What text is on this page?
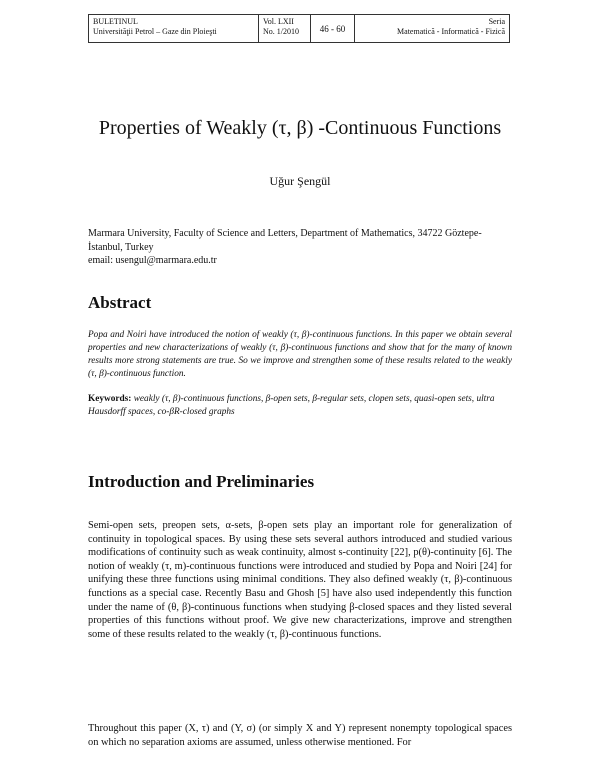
BULETINUL
Universităţii Petrol – Gaze din Ploieşti
Vol. LXII
No. 1/2010	46 - 60
Seria
Matematică - Informatică - Fizică
Properties of Weakly (τ, β) -Continuous Functions
Uğur Şengül
Marmara University, Faculty of Science and Letters, Department of Mathematics, 34722 Göztepe-
İstanbul, Turkey
email: usengul@marmara.edu.tr
Abstract
Popa and Noiri have introduced the notion of weakly (τ, β)-continuous functions. In this paper we obtain several properties and new characterizations of weakly (τ, β)-continuous functions and show that for the many of known results more strong statements are true. So we improve and strengthen some of these results related to the weakly (τ, β)-continuous function.
Keywords: weakly (τ, β)-continuous functions, β-open sets, β-regular sets, clopen sets, quasi-open sets, ultra Hausdorff spaces, co-βR-closed graphs
Introduction and Preliminaries
Semi-open sets, preopen sets, α-sets, β-open sets play an important role for generalization of continuity in topological spaces. By using these sets several authors introduced and studied various modifications of continuity such as weak continuity, almost s-continuity [22], p(θ)-continuity [6]. The notion of weakly (τ, m)-continuous functions were introduced and studied by Popa and Noiri [24] for unifying these three functions using minimal conditions. They also defined weakly (τ, β)-continuous functions as a special case. Recently Basu and Ghosh [5] have also used independently this function under the name of (θ, β)-continuous functions when studying β-closed spaces and they listed several properties of this functions without proof. We give new characterizations, improve and strengthen some of these results related to the weakly (τ, β)-continuous functions.
Throughout this paper (X, τ) and (Y, σ) (or simply X and Y) represent nonempty topological spaces on which no separation axioms are assumed, unless otherwise mentioned. For
